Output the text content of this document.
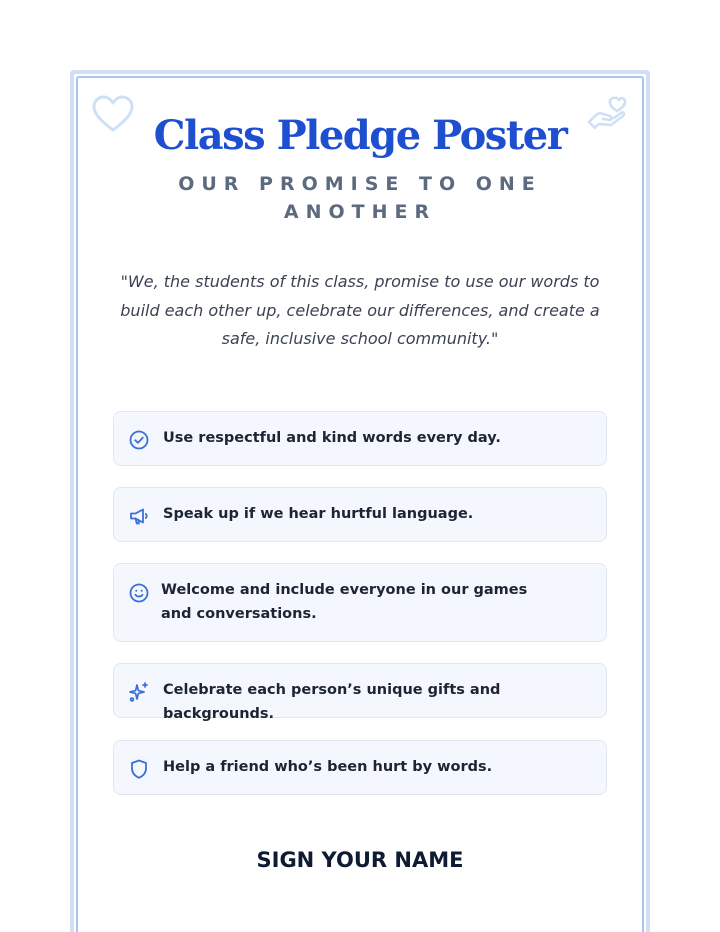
Class Pledge Poster
OUR PROMISE TO ONE ANOTHER
"We, the students of this class, promise to use our words to build each other up, celebrate our differences, and create a safe, inclusive school community."
Use respectful and kind words every day.
Speak up if we hear hurtful language.
Welcome and include everyone in our games and conversations.
Celebrate each person’s unique gifts and backgrounds.
Help a friend who’s been hurt by words.
SIGN YOUR NAME
